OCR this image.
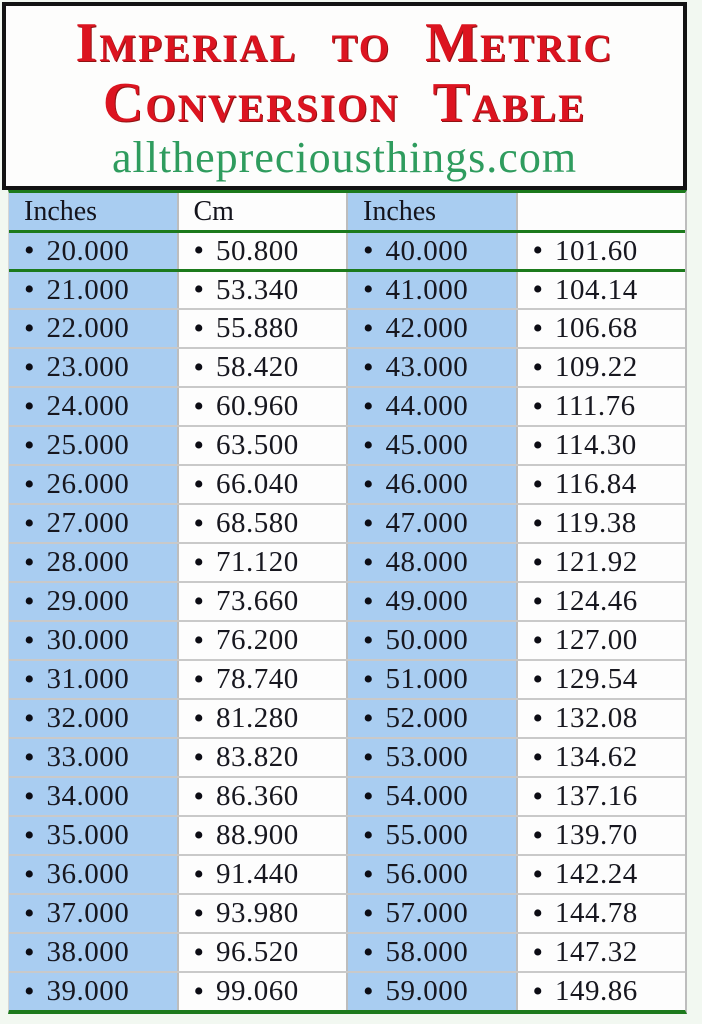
Imperial to Metric
Conversion Table
allthepreciousthings.com
Inches	Cm	Inches
• 20.000 • 50.800 • 40.000 • 101.60
• 21.000 • 53.340 • 41.000 • 104.14
• 22.000 • 55.880 • 42.000 • 106.68
• 23.000 • 58.420 • 43.000 • 109.22
• 24.000 • 60.960 • 44.000 • 111.76
• 25.000 • 63.500 • 45.000 • 114.30
• 26.000 • 66.040 • 46.000 • 116.84
• 27.000 • 68.580 • 47.000 • 119.38
• 28.000 • 71.120 • 48.000 • 121.92
• 29.000 • 73.660 • 49.000 • 124.46
• 30.000 • 76.200 • 50.000 • 127.00
• 31.000 • 78.740 • 51.000 • 129.54
• 32.000 • 81.280 • 52.000 • 132.08
• 33.000 • 83.820 • 53.000 • 134.62
• 34.000 • 86.360 • 54.000 • 137.16
• 35.000 • 88.900 • 55.000 • 139.70
• 36.000 • 91.440 • 56.000 • 142.24
• 37.000 • 93.980 • 57.000 • 144.78
• 38.000 • 96.520 • 58.000 • 147.32
• 39.000 • 99.060 • 59.000 • 149.86
